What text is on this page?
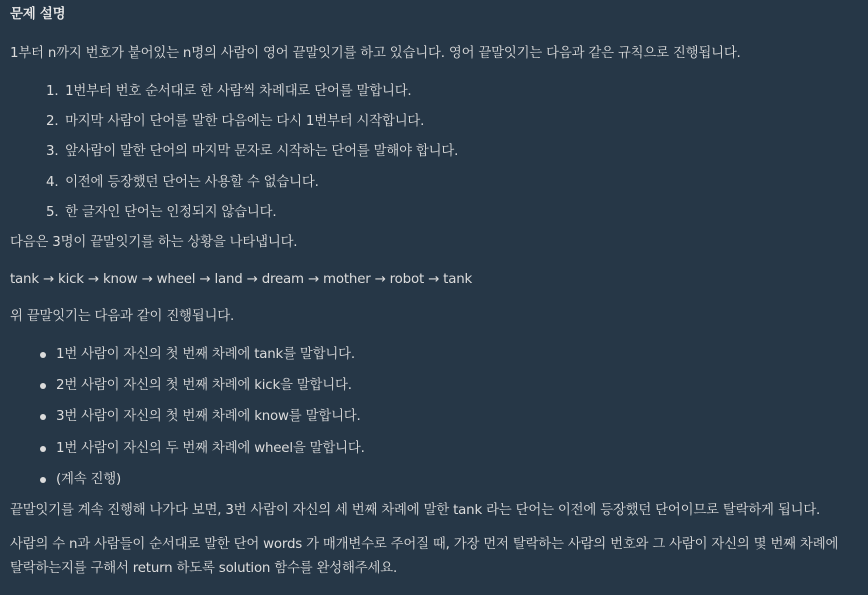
문제 설명

1부터 n까지 번호가 붙어있는 n명의 사람이 영어 끝말잇기를 하고 있습니다. 영어 끝말잇기는 다음과 같은 규칙으로 진행됩니다.

1. 1번부터 번호 순서대로 한 사람씩 차례대로 단어를 말합니다.
2. 마지막 사람이 단어를 말한 다음에는 다시 1번부터 시작합니다.
3. 앞사람이 말한 단어의 마지막 문자로 시작하는 단어를 말해야 합니다.
4. 이전에 등장했던 단어는 사용할 수 없습니다.
5. 한 글자인 단어는 인정되지 않습니다.

다음은 3명이 끝말잇기를 하는 상황을 나타냅니다.

tank → kick → know → wheel → land → dream → mother → robot → tank

위 끝말잇기는 다음과 같이 진행됩니다.

1번 사람이 자신의 첫 번째 차례에 tank를 말합니다.
2번 사람이 자신의 첫 번째 차례에 kick을 말합니다.
3번 사람이 자신의 첫 번째 차례에 know를 말합니다.
1번 사람이 자신의 두 번째 차례에 wheel을 말합니다.
(계속 진행)

끝말잇기를 계속 진행해 나가다 보면, 3번 사람이 자신의 세 번째 차례에 말한 tank 라는 단어는 이전에 등장했던 단어이므로 탈락하게 됩니다.

사람의 수 n과 사람들이 순서대로 말한 단어 words 가 매개변수로 주어질 때, 가장 먼저 탈락하는 사람의 번호와 그 사람이 자신의 몇 번째 차례에
탈락하는지를 구해서 return 하도록 solution 함수를 완성해주세요.
